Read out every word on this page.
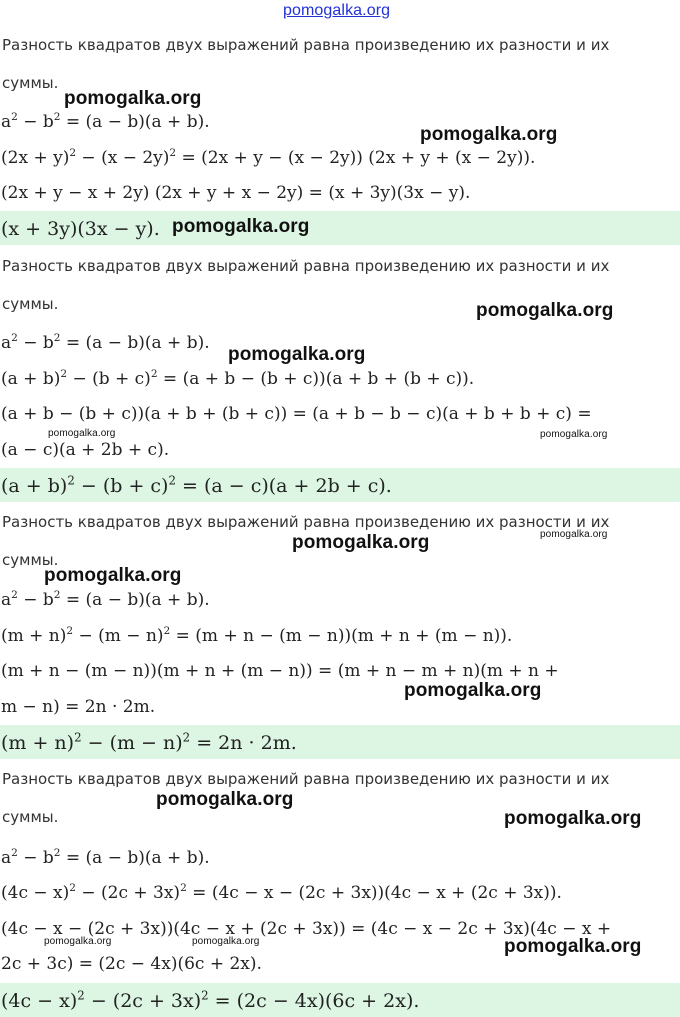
pomogalka.org
Разность квадратов двух выражений равна произведению их разности и их
суммы.
$a^2 - b^2 = (a - b)(a + b)$.
$(2x + y)^2 - (x - 2y)^2 = (2x + y - (x - 2y))$ (2x + y + (x − 2y)).
(2x + y − x + 2y) (2x + y + x − 2y) = (x + 3y)(3x − y).
(x + 3y)(3x − y).
Разность квадратов двух выражений равна произведению их разности и их
суммы.
$a^2 - b^2 = (a - b)(a + b)$.
$(a + b)^2 - (b + c)^2 = (a + b - (b + c))(a + b + (b + c))$.
(a + b − (b + c))(a + b + (b + c)) = (a + b − b − c)(a + b + b + c) =
(a − c)(a + 2b + c).
$(a + b)^2 - (b + c)^2 = (a - c)(a + 2b + c)$.
Разность квадратов двух выражений равна произведению их разности и их
суммы.
$a^2 - b^2 = (a - b)(a + b)$.
$(m + n)^2 - (m - n)^2 = (m + n - (m - n))(m + n + (m - n))$.
(m + n − (m − n))(m + n + (m − n)) = (m + n − m + n)(m + n +
m − n) = 2n · 2m.
$(m + n)^2 - (m - n)^2 = 2n \cdot 2m$.
Разность квадратов двух выражений равна произведению их разности и их
суммы.
$a^2 - b^2 = (a - b)(a + b)$.
$(4c - x)^2 - (2c + 3x)^2 = (4c - x - (2c + 3x))(4c - x + (2c + 3x))$.
(4c − x − (2c + 3x))(4c − x + (2c + 3x)) = (4c − x − 2c + 3x)(4c − x +
2c + 3c) = (2c − 4x)(6c + 2x).
$(4c - x)^2 - (2c + 3x)^2 = (2c - 4x)(6c + 2x)$.
pomogalka.org
pomogalka.org
pomogalka.org
pomogalka.org
pomogalka.org
pomogalka.org	pomogalka.org
pomogalka.org
pomogalka.org
pomogalka.org
pomogalka.org
pomogalka.org
pomogalka.org
pomogalka.org	pomogalka.org	pomogalka.org
